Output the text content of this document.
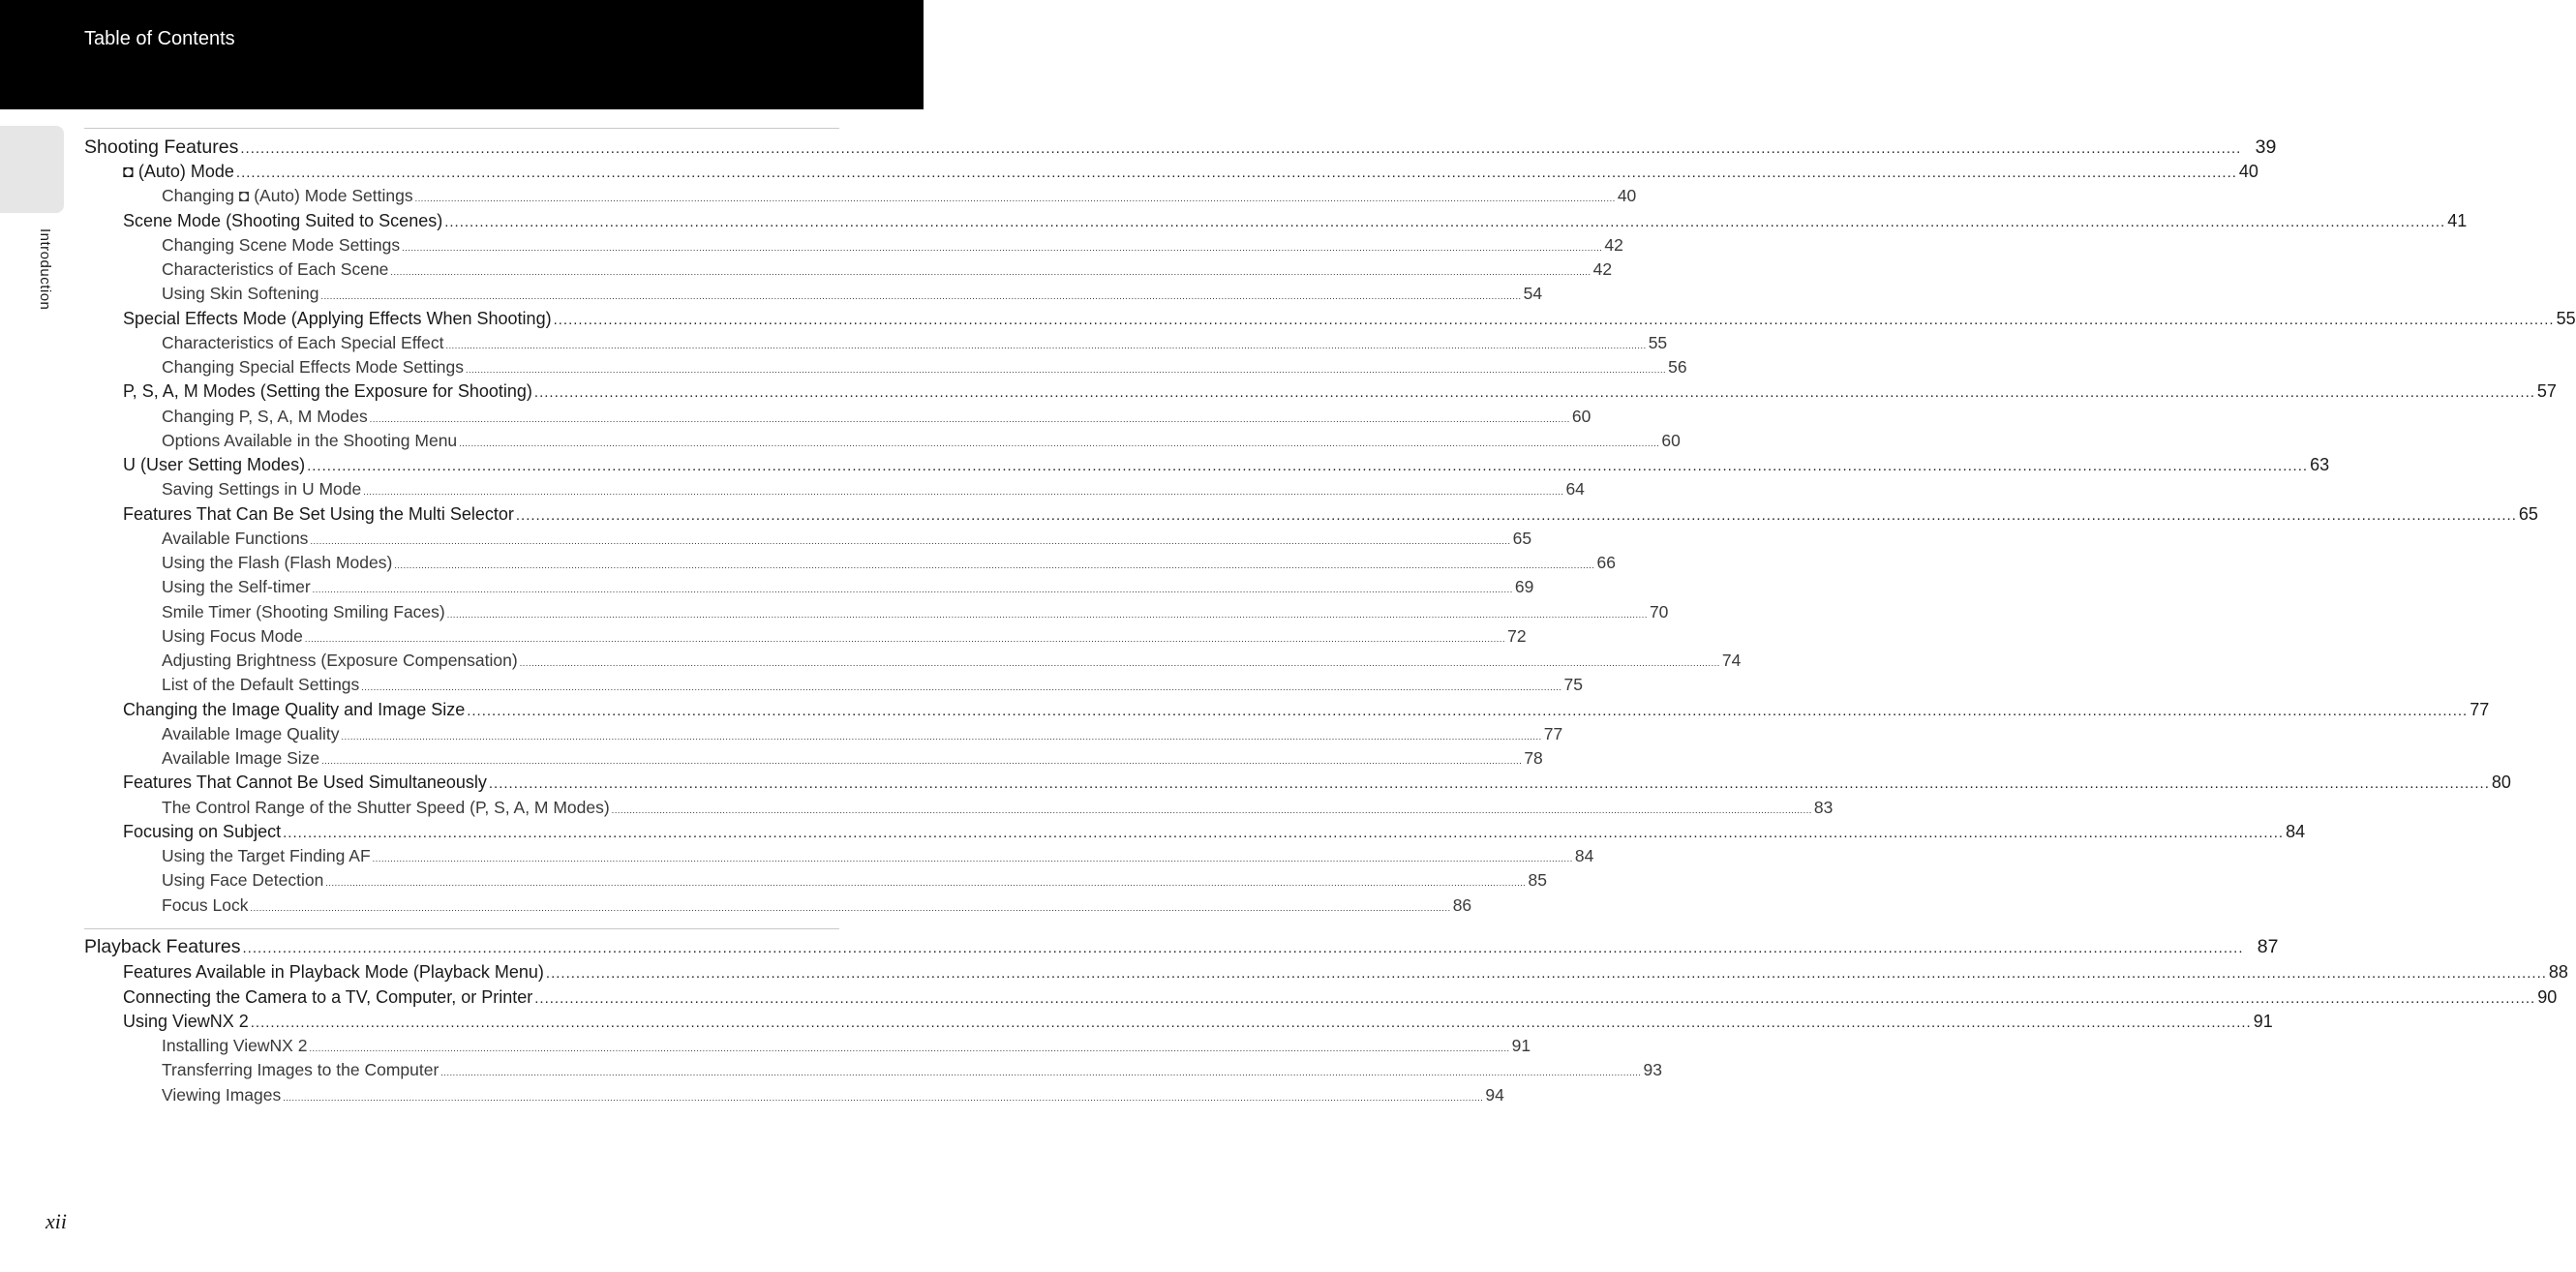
Table of Contents
Introduction
Shooting Features ................................................................................................................................................................................................................................................................................................................................................................................................................ 39
◘ (Auto) Mode ................................................................................................................................................................................................................................................................................................................................................................................................................ 40
Changing ◘ (Auto) Mode Settings ................................................................................................................................................................................................................................................................................................................................................................................................................ 40
Scene Mode (Shooting Suited to Scenes) ................................................................................................................................................................................................................................................................................................................................................................................................................ 41
Changing Scene Mode Settings ................................................................................................................................................................................................................................................................................................................................................................................................................ 42
Characteristics of Each Scene ................................................................................................................................................................................................................................................................................................................................................................................................................ 42
Using Skin Softening ................................................................................................................................................................................................................................................................................................................................................................................................................ 54
Special Effects Mode (Applying Effects When Shooting) ................................................................................................................................................................................................................................................................................................................................................................................................................ 55
Characteristics of Each Special Effect ................................................................................................................................................................................................................................................................................................................................................................................................................ 55
Changing Special Effects Mode Settings ................................................................................................................................................................................................................................................................................................................................................................................................................ 56
P, S, A, M Modes (Setting the Exposure for Shooting) ................................................................................................................................................................................................................................................................................................................................................................................................................ 57
Changing P, S, A, M Modes ................................................................................................................................................................................................................................................................................................................................................................................................................ 60
Options Available in the Shooting Menu ................................................................................................................................................................................................................................................................................................................................................................................................................ 60
U (User Setting Modes) ................................................................................................................................................................................................................................................................................................................................................................................................................ 63
Saving Settings in U Mode ................................................................................................................................................................................................................................................................................................................................................................................................................ 64
Features That Can Be Set Using the Multi Selector ................................................................................................................................................................................................................................................................................................................................................................................................................ 65
Available Functions ................................................................................................................................................................................................................................................................................................................................................................................................................ 65
Using the Flash (Flash Modes) ................................................................................................................................................................................................................................................................................................................................................................................................................ 66
Using the Self-timer ................................................................................................................................................................................................................................................................................................................................................................................................................ 69
Smile Timer (Shooting Smiling Faces) ................................................................................................................................................................................................................................................................................................................................................................................................................ 70
Using Focus Mode ................................................................................................................................................................................................................................................................................................................................................................................................................ 72
Adjusting Brightness (Exposure Compensation) ................................................................................................................................................................................................................................................................................................................................................................................................................ 74
List of the Default Settings ................................................................................................................................................................................................................................................................................................................................................................................................................ 75
Changing the Image Quality and Image Size ................................................................................................................................................................................................................................................................................................................................................................................................................ 77
Available Image Quality ................................................................................................................................................................................................................................................................................................................................................................................................................ 77
Available Image Size ................................................................................................................................................................................................................................................................................................................................................................................................................ 78
Features That Cannot Be Used Simultaneously ................................................................................................................................................................................................................................................................................................................................................................................................................ 80
The Control Range of the Shutter Speed (P, S, A, M Modes) ................................................................................................................................................................................................................................................................................................................................................................................................................ 83
Focusing on Subject ................................................................................................................................................................................................................................................................................................................................................................................................................ 84
Using the Target Finding AF ................................................................................................................................................................................................................................................................................................................................................................................................................ 84
Using Face Detection ................................................................................................................................................................................................................................................................................................................................................................................................................ 85
Focus Lock ................................................................................................................................................................................................................................................................................................................................................................................................................ 86
Playback Features ................................................................................................................................................................................................................................................................................................................................................................................................................ 87
Features Available in Playback Mode (Playback Menu) ................................................................................................................................................................................................................................................................................................................................................................................................................ 88
Connecting the Camera to a TV, Computer, or Printer ................................................................................................................................................................................................................................................................................................................................................................................................................ 90
Using ViewNX 2 ................................................................................................................................................................................................................................................................................................................................................................................................................ 91
Installing ViewNX 2 ................................................................................................................................................................................................................................................................................................................................................................................................................ 91
Transferring Images to the Computer ................................................................................................................................................................................................................................................................................................................................................................................................................ 93
Viewing Images ................................................................................................................................................................................................................................................................................................................................................................................................................ 94
xii
